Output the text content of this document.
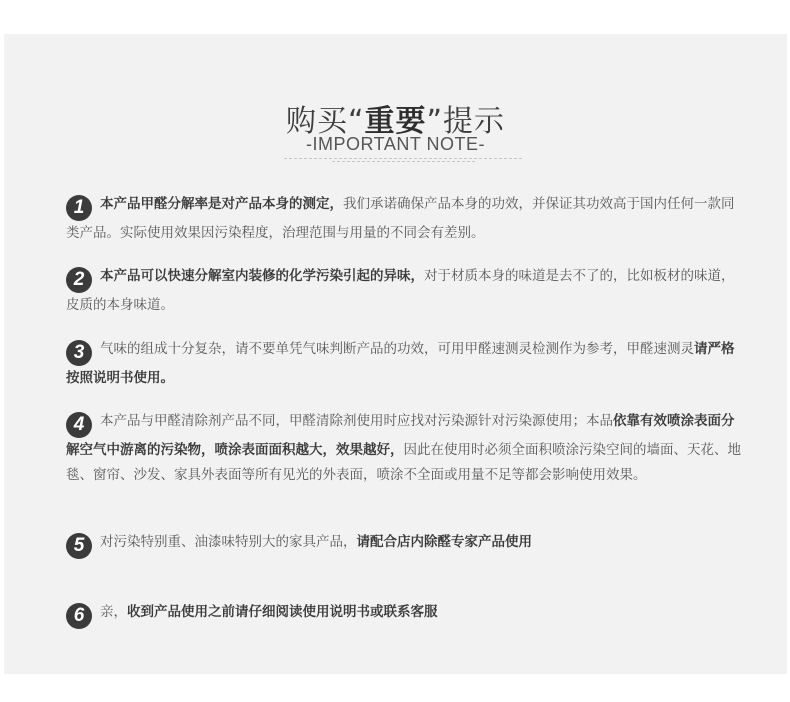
购买“重要”提示
-IMPORTANT NOTE-
1 本产品甲醛分解率是对产品本身的测定，我们承诺确保产品本身的功效，并保证其功效高于国内任何一款同类产品。实际使用效果因污染程度，治理范围与用量的不同会有差别。
2 本产品可以快速分解室内装修的化学污染引起的异味，对于材质本身的味道是去不了的，比如板材的味道，皮质的本身味道。
3 气味的组成十分复杂，请不要单凭气味判断产品的功效，可用甲醛速测灵检测作为参考，甲醛速测灵请严格按照说明书使用。
4 本产品与甲醛清除剂产品不同，甲醛清除剂使用时应找对污染源针对污染源使用；本品依靠有效喷涂表面分解空气中游离的污染物，喷涂表面面积越大，效果越好，因此在使用时必须全面积喷涂污染空间的墙面、天花、地毯、窗帘、沙发、家具外表面等所有见光的外表面，喷涂不全面或用量不足等都会影响使用效果。
5 对污染特别重、油漆味特别大的家具产品，请配合店内除醛专家产品使用
6 亲，收到产品使用之前请仔细阅读使用说明书或联系客服
